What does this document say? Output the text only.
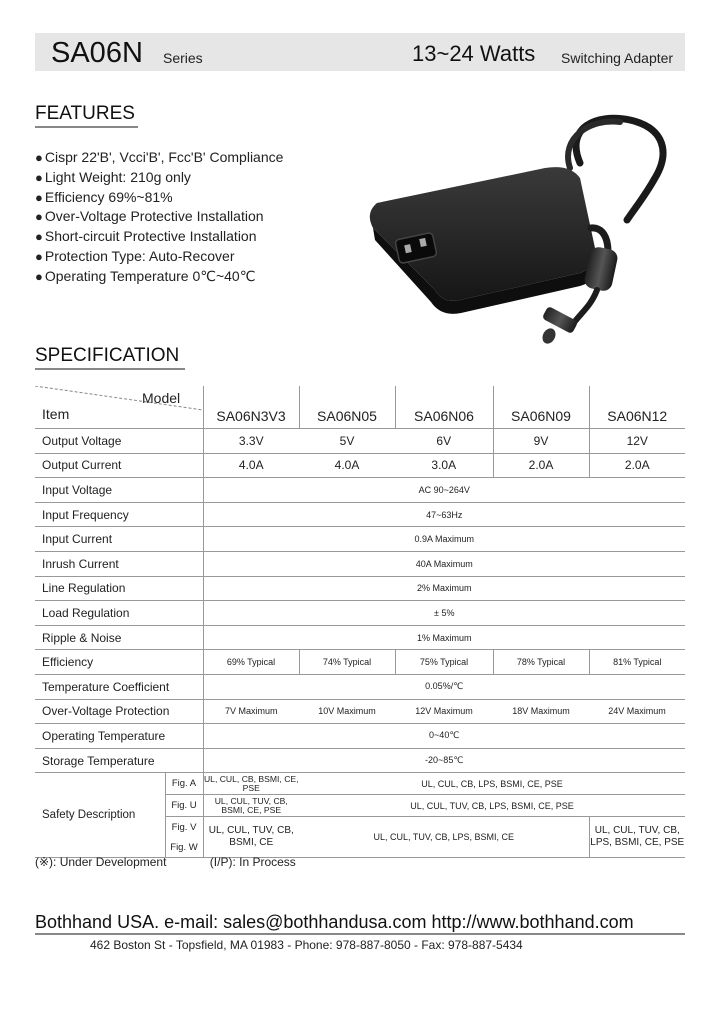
SA06N Series	13~24 Watts Switching Adapter
FEATURES
● Cispr 22'B', Vcci'B', Fcc'B' Compliance
● Light Weight: 210g only
● Efficiency 69%~81%
● Over-Voltage Protective Installation
● Short-circuit Protective Installation
● Protection Type: Auto-Recover
● Operating Temperature 0℃~40℃
SPECIFICATION
Model
Item		SA06N3V3	SA06N05	SA06N06	SA06N09	SA06N12
Output Voltage		3.3V	5V	6V	9V	12V
Output Current		4.0A	4.0A	3.0A	2.0A	2.0A
Input Voltage		AC 90~264V				
Input Frequency		47~63Hz				
Input Current		0.9A Maximum				
Inrush Current		40A Maximum				
Line Regulation		2% Maximum				
Load Regulation		± 5%				
Ripple & Noise		1% Maximum				
Efficiency		69% Typical	74% Typical	75% Typical	78% Typical	81% Typical
Temperature Coefficient		0.05%/℃				
Over-Voltage Protection		7V Maximum	10V Maximum	12V Maximum	18V Maximum	24V Maximum
Operating Temperature		0~40℃				
Storage Temperature		-20~85℃				
Safety Description	Fig. A	UL, CUL, CB, BSMI, CE, PSE	UL, CUL, CB, LPS, BSMI, CE, PSE			
	Fig. U	UL, CUL, TUV, CB, BSMI, CE, PSE	UL, CUL, TUV, CB, LPS, BSMI, CE, PSE			
	Fig. V	UL, CUL, TUV, CB, BSMI, CE	UL, CUL, TUV, CB, LPS, BSMI, CE			UL, CUL, TUV, CB, LPS, BSMI, CE, PSE
	Fig. W					
(※): Under Development	(I/P): In Process
Bothhand USA. e-mail: sales@bothhandusa.com http://www.bothhand.com
462 Boston St - Topsfield, MA 01983 - Phone: 978-887-8050 - Fax: 978-887-5434
